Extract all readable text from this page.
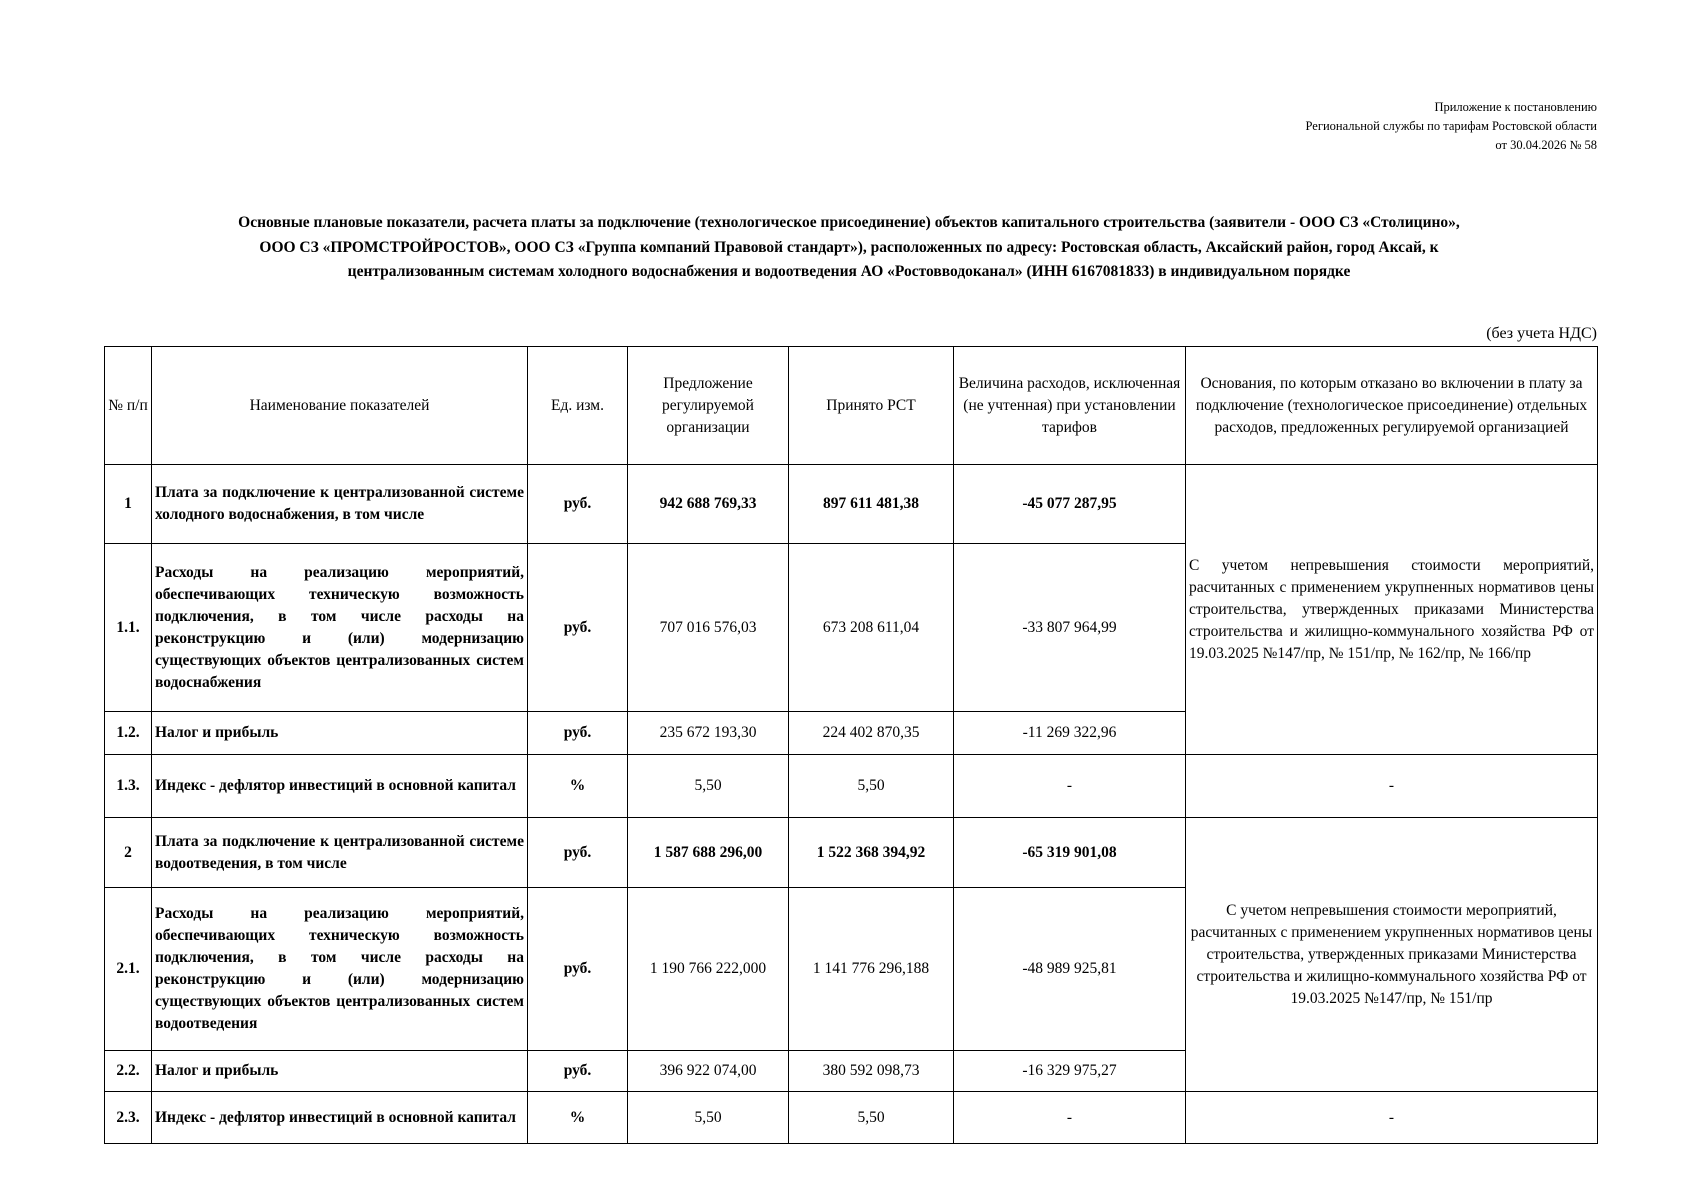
Приложение к постановлению
Региональной службы по тарифам Ростовской области
от 30.04.2026 № 58
Основные плановые показатели, расчета платы за подключение (технологическое присоединение) объектов капитального строительства (заявители - ООО СЗ «Столицино»,
ООО СЗ «ПРОМСТРОЙРОСТОВ», ООО СЗ «Группа компаний Правовой стандарт»), расположенных по адресу: Ростовская область, Аксайский район, город Аксай, к
централизованным системам холодного водоснабжения и водоотведения АО «Ростовводоканал» (ИНН 6167081833) в индивидуальном порядке
(без учета НДС)
№ п/п	Наименование показателей	Ед. изм.	Предложение регулируемой организации	Принято РСТ	Величина расходов, исключенная (не учтенная) при установлении тарифов	Основания, по которым отказано во включении в плату за подключение (технологическое присоединение) отдельных расходов, предложенных регулируемой организацией
1	Плата за подключение к централизованной системе холодного водоснабжения, в том числе	руб.	942 688 769,33	897 611 481,38	-45 077 287,95	С учетом непревышения стоимости мероприятий, расчитанных с применением укрупненных нормативов цены строительства, утвержденных приказами Министерства строительства и жилищно-коммунального хозяйства РФ от 19.03.2025 №147/пр, № 151/пр, № 162/пр, № 166/пр
1.1.	Расходы на реализацию мероприятий, обеспечивающих техническую возможность подключения, в том числе расходы на реконструкцию и (или) модернизацию существующих объектов централизованных систем водоснабжения	руб.	707 016 576,03	673 208 611,04	-33 807 964,99	
1.2.	Налог и прибыль	руб.	235 672 193,30	224 402 870,35	-11 269 322,96	
1.3.	Индекс - дефлятор инвестиций в основной капитал	%	5,50	5,50	-	-
2	Плата за подключение к централизованной системе водоотведения, в том числе	руб.	1 587 688 296,00	1 522 368 394,92	-65 319 901,08	С учетом непревышения стоимости мероприятий, расчитанных с применением укрупненных нормативов цены строительства, утвержденных приказами Министерства строительства и жилищно-коммунального хозяйства РФ от 19.03.2025 №147/пр, № 151/пр
2.1.	Расходы на реализацию мероприятий, обеспечивающих техническую возможность подключения, в том числе расходы на реконструкцию и (или) модернизацию существующих объектов централизованных систем водоотведения	руб.	1 190 766 222,000	1 141 776 296,188	-48 989 925,81	
2.2.	Налог и прибыль	руб.	396 922 074,00	380 592 098,73	-16 329 975,27	
2.3.	Индекс - дефлятор инвестиций в основной капитал	%	5,50	5,50	-	-
